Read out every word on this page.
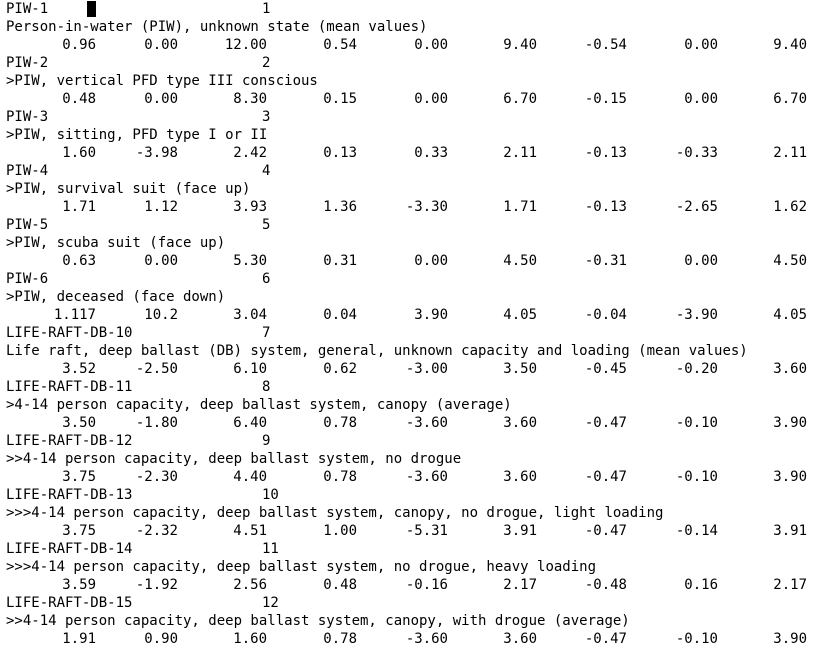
PIW-1	1
Person-in-water (PIW), unknown state (mean values)
0.96	0.00	12.00	0.54	0.00	9.40	-0.54	0.00	9.40
PIW-2	2
>PIW, vertical PFD type III conscious
0.48	0.00	8.30	0.15	0.00	6.70	-0.15	0.00	6.70
PIW-3	3
>PIW, sitting, PFD type I or II
1.60	-3.98	2.42	0.13	0.33	2.11	-0.13	-0.33	2.11
PIW-4	4
>PIW, survival suit (face up)
1.71	1.12	3.93	1.36	-3.30	1.71	-0.13	-2.65	1.62
PIW-5	5
>PIW, scuba suit (face up)
0.63	0.00	5.30	0.31	0.00	4.50	-0.31	0.00	4.50
PIW-6	6
>PIW, deceased (face down)
1.117	10.2	3.04	0.04	3.90	4.05	-0.04	-3.90	4.05
LIFE-RAFT-DB-10	7
Life raft, deep ballast (DB) system, general, unknown capacity and loading (mean values)
3.52	-2.50	6.10	0.62	-3.00	3.50	-0.45	-0.20	3.60
LIFE-RAFT-DB-11	8
>4-14 person capacity, deep ballast system, canopy (average)
3.50	-1.80	6.40	0.78	-3.60	3.60	-0.47	-0.10	3.90
LIFE-RAFT-DB-12	9
>>4-14 person capacity, deep ballast system, no drogue
3.75	-2.30	4.40	0.78	-3.60	3.60	-0.47	-0.10	3.90
LIFE-RAFT-DB-13	10
>>>4-14 person capacity, deep ballast system, canopy, no drogue, light loading
3.75	-2.32	4.51	1.00	-5.31	3.91	-0.47	-0.14	3.91
LIFE-RAFT-DB-14	11
>>>4-14 person capacity, deep ballast system, no drogue, heavy loading
3.59	-1.92	2.56	0.48	-0.16	2.17	-0.48	0.16	2.17
LIFE-RAFT-DB-15	12
>>4-14 person capacity, deep ballast system, canopy, with drogue (average)
1.91	0.90	1.60	0.78	-3.60	3.60	-0.47	-0.10	3.90
